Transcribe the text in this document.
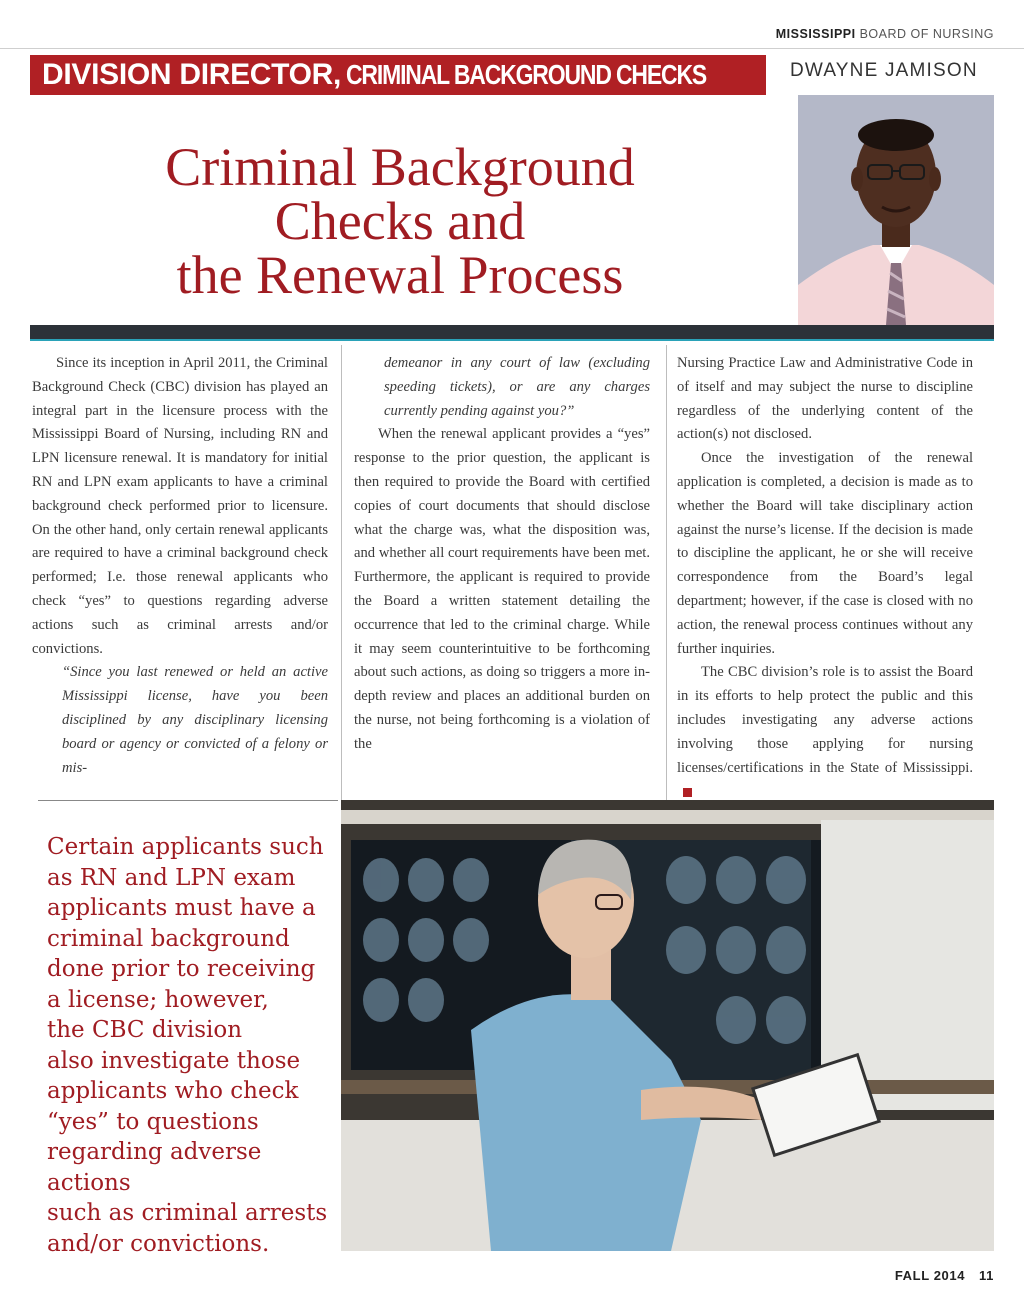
MISSISSIPPI BOARD OF NURSING
DIVISION DIRECTOR, CRIMINAL BACKGROUND CHECKS	DWAYNE JAMISON
Criminal Background
Checks and
the Renewal Process

Since its inception in April 2011, the Criminal Background Check (CBC) division has played an integral part in the licensure process with the Mississippi Board of Nursing, including RN and LPN licensure renewal. It is mandatory for initial RN and LPN exam applicants to have a criminal background check performed prior to licensure. On the other hand, only certain renewal applicants are required to have a criminal background check performed; I.e. those renewal applicants who check “yes” to questions regarding adverse actions such as criminal arrests and/or convictions.

“Since you last renewed or held an active Mississippi license, have you been disciplined by any disciplinary licensing board or agency or convicted of a felony or mis-

demeanor in any court of law (excluding speeding tickets), or are any charges currently pending against you?”

When the renewal applicant provides a “yes” response to the prior question, the applicant is then required to provide the Board with certified copies of court documents that should disclose what the charge was, what the disposition was, and whether all court requirements have been met. Furthermore, the applicant is required to provide the Board a written statement detailing the occurrence that led to the criminal charge. While it may seem counterintuitive to be forthcoming about such actions, as doing so triggers a more in-depth review and places an additional burden on the nurse, not being forthcoming is a violation of the

Nursing Practice Law and Administrative Code in of itself and may subject the nurse to discipline regardless of the underlying content of the action(s) not disclosed.

Once the investigation of the renewal application is completed, a decision is made as to whether the Board will take disciplinary action against the nurse’s license. If the decision is made to discipline the applicant, he or she will receive correspondence from the Board’s legal department; however, if the case is closed with no action, the renewal process continues without any further inquiries.

The CBC division’s role is to assist the Board in its efforts to help protect the public and this includes investigating any adverse actions involving those applying for nursing licenses/certifications in the State of Mississippi.

Certain applicants such
as RN and LPN exam
applicants must have a
criminal background
done prior to receiving
a license; however,
the CBC division
also investigate those
applicants who check
“yes” to questions
regarding adverse actions
such as criminal arrests
and/or convictions.
FALL 2014 11
